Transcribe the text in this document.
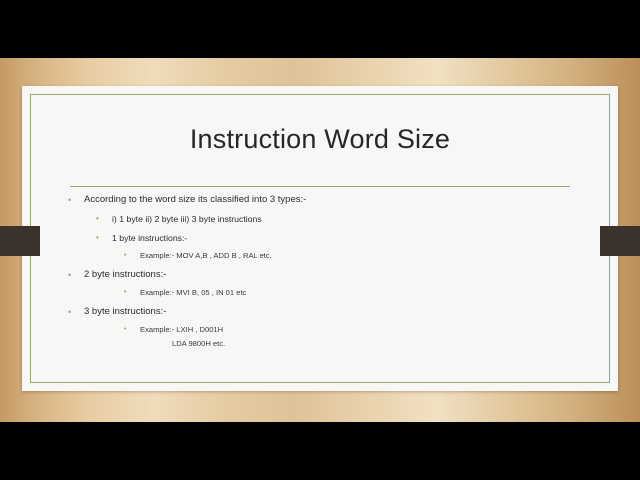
Instruction Word Size
• According to the word size its classified into 3 types:-
• i) 1 byte ii) 2 byte iii) 3 byte instructions
• 1 byte instructions:-
• Example:- MOV A,B , ADD B , RAL etc.
• 2 byte instructions:-
• Example:- MVI B, 05 , IN 01 etc
• 3 byte instructions:-
• Example:- LXIH , D001H
LDA 9800H etc.
